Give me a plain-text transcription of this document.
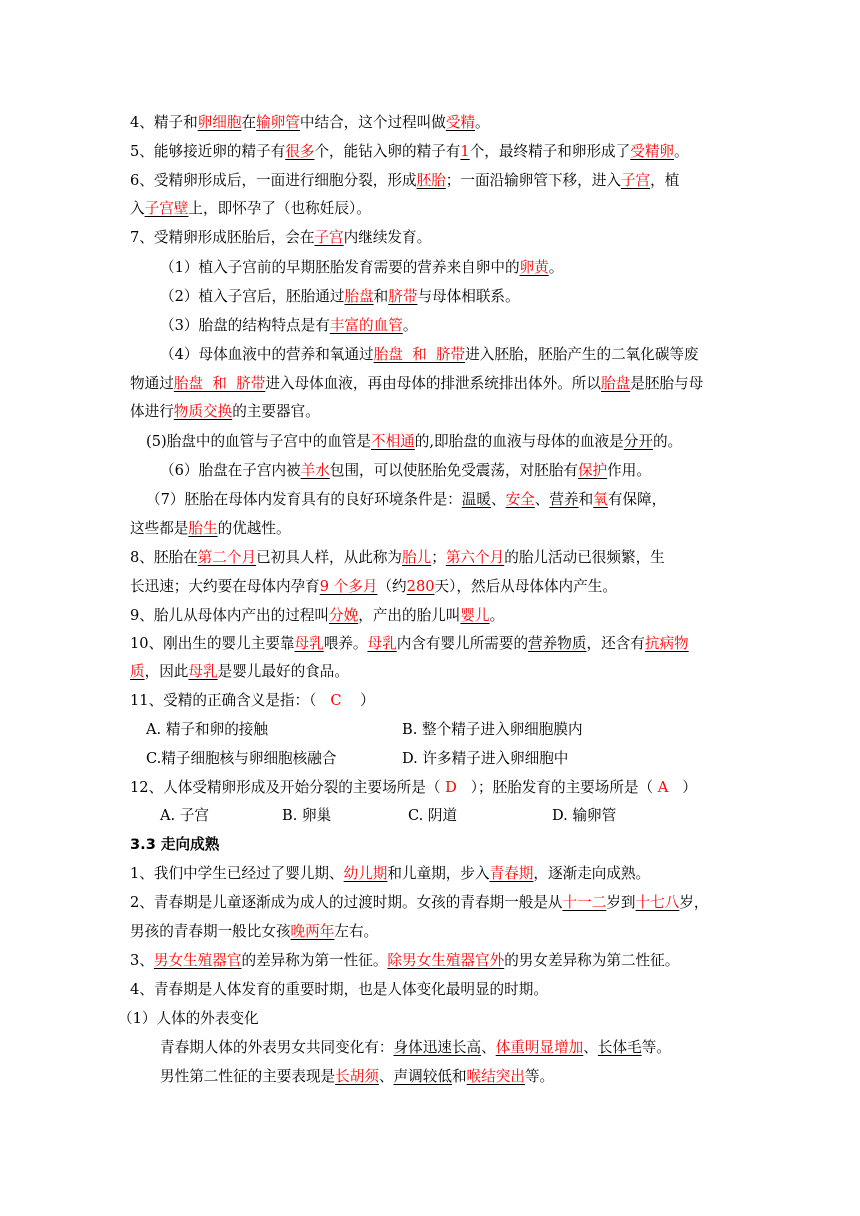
4、精子和卵细胞在输卵管中结合，这个过程叫做受精。
5、能够接近卵的精子有很多个，能钻入卵的精子有1个，最终精子和卵形成了受精卵。
6、受精卵形成后，一面进行细胞分裂，形成胚胎；一面沿输卵管下移，进入子宫，植
入子宫壁上，即怀孕了（也称妊辰）。
7、受精卵形成胚胎后，会在子宫内继续发育。
（1）植入子宫前的早期胚胎发育需要的营养来自卵中的卵黄。
（2）植入子宫后，胚胎通过胎盘和脐带与母体相联系。
（3）胎盘的结构特点是有丰富的血管。
（4）母体血液中的营养和氧通过胎盘  和  脐带进入胚胎，胚胎产生的二氧化碳等废
物通过胎盘  和  脐带进入母体血液，再由母体的排泄系统排出体外。所以胎盘是胚胎与母
体进行物质交换的主要器官。
(5)胎盘中的血管与子宫中的血管是不相通的,即胎盘的血液与母体的血液是分开的。
（6）胎盘在子宫内被羊水包围，可以使胚胎免受震荡，对胚胎有保护作用。
（7）胚胎在母体内发育具有的良好环境条件是：温暖、安全、营养和氧有保障，
这些都是胎生的优越性。
8、胚胎在第二个月已初具人样，从此称为胎儿；第六个月的胎儿活动已很频繁，生
长迅速；大约要在母体内孕育9 个多月（约280天），然后从母体体内产生。
9、胎儿从母体内产出的过程叫分娩，产出的胎儿叫婴儿。
10、刚出生的婴儿主要靠母乳喂养。母乳内含有婴儿所需要的营养物质，还含有抗病物
质，因此母乳是婴儿最好的食品。
11、受精的正确含义是指：（ C ）
A. 精子和卵的接触	B. 整个精子进入卵细胞膜内
C.精子细胞核与卵细胞核融合	D. 许多精子进入卵细胞中
12、人体受精卵形成及开始分裂的主要场所是（ D ）；胚胎发育的主要场所是（ A ）
A. 子宫	B. 卵巢	C. 阴道	D. 输卵管
3.3 走向成熟
1、我们中学生已经过了婴儿期、幼儿期和儿童期，步入青春期，逐渐走向成熟。
2、青春期是儿童逐渐成为成人的过渡时期。女孩的青春期一般是从十一二岁到十七八岁，
男孩的青春期一般比女孩晚两年左右。
3、男女生殖器官的差异称为第一性征。除男女生殖器官外的男女差异称为第二性征。
4、青春期是人体发育的重要时期，也是人体变化最明显的时期。
（1）人体的外表变化
青春期人体的外表男女共同变化有：身体迅速长高、体重明显增加、长体毛等。
男性第二性征的主要表现是长胡须、声调较低和喉结突出等。
